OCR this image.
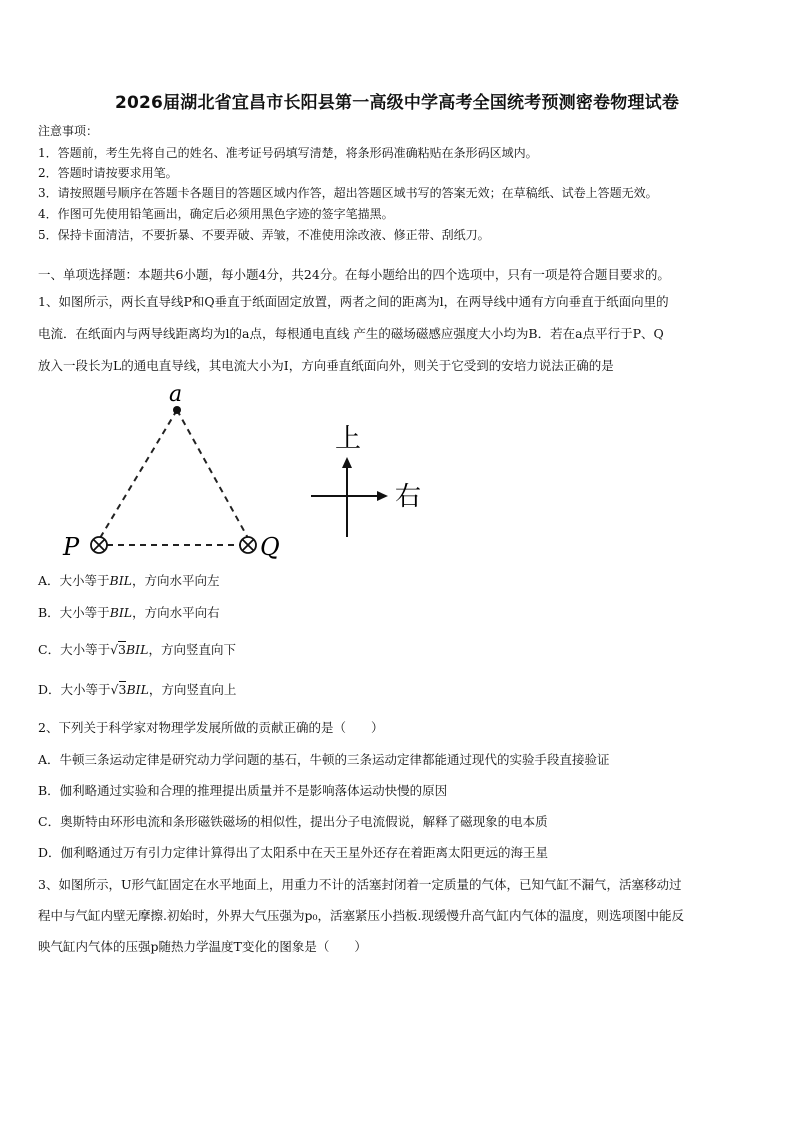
2026届湖北省宜昌市长阳县第一高级中学高考全国统考预测密卷物理试卷
注意事项：
1．答题前，考生先将自己的姓名、准考证号码填写清楚，将条形码准确粘贴在条形码区域内。
2．答题时请按要求用笔。
3．请按照题号顺序在答题卡各题目的答题区域内作答，超出答题区域书写的答案无效；在草稿纸、试卷上答题无效。
4．作图可先使用铅笔画出，确定后必须用黑色字迹的签字笔描黑。
5．保持卡面清洁，不要折暴、不要弄破、弄皱，不准使用涂改液、修正带、刮纸刀。
一、单项选择题：本题共6小题，每小题4分，共24分。在每小题给出的四个选项中，只有一项是符合题目要求的。
1、如图所示，两长直导线P和Q垂直于纸面固定放置，两者之间的距离为l，在两导线中通有方向垂直于纸面向里的
电流．在纸面内与两导线距离均为l的a点，每根通电直线 产生的磁场磁感应强度大小均为B．若在a点平行于P、Q
放入一段长为L的通电直导线，其电流大小为I，方向垂直纸面向外，则关于它受到的安培力说法正确的是
a
P	Q
上
右
A．大小等于BIL，方向水平向左
B．大小等于BIL，方向水平向右
C．大小等于√3BIL，方向竖直向下
D．大小等于√3BIL，方向竖直向上
2、下列关于科学家对物理学发展所做的贡献正确的是（　　）
A．牛顿三条运动定律是研究动力学问题的基石，牛顿的三条运动定律都能通过现代的实验手段直接验证
B．伽利略通过实验和合理的推理提出质量并不是影响落体运动快慢的原因
C．奥斯特由环形电流和条形磁铁磁场的相似性，提出分子电流假说，解释了磁现象的电本质
D．伽利略通过万有引力定律计算得出了太阳系中在天王星外还存在着距离太阳更远的海王星
3、如图所示，U形气缸固定在水平地面上，用重力不计的活塞封闭着一定质量的气体，已知气缸不漏气，活塞移动过
程中与气缸内壁无摩擦.初始时，外界大气压强为p₀，活塞紧压小挡板.现缓慢升高气缸内气体的温度，则选项图中能反
映气缸内气体的压强p随热力学温度T变化的图象是（　　）
